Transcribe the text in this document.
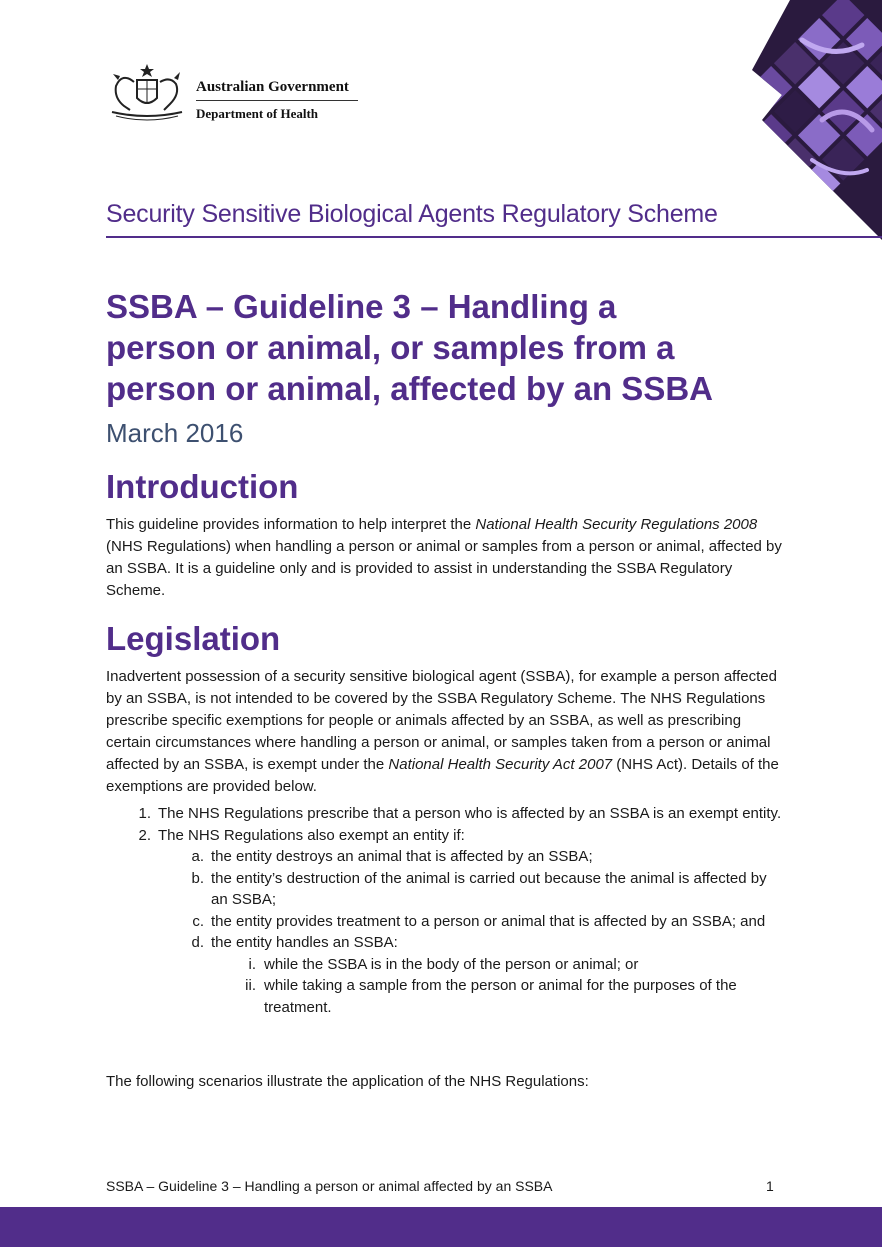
Australian Government
Department of Health
Security Sensitive Biological Agents Regulatory Scheme
SSBA – Guideline 3 – Handling a
person or animal, or samples from a
person or animal, affected by an SSBA
March 2016
Introduction

This guideline provides information to help interpret the National Health Security Regulations 2008 (NHS Regulations) when handling a person or animal or samples from a person or animal, affected by an SSBA. It is a guideline only and is provided to assist in understanding the SSBA Regulatory Scheme.

Legislation

Inadvertent possession of a security sensitive biological agent (SSBA), for example a person affected by an SSBA, is not intended to be covered by the SSBA Regulatory Scheme. The NHS Regulations prescribe specific exemptions for people or animals affected by an SSBA, as well as prescribing certain circumstances where handling a person or animal, or samples taken from a person or animal affected by an SSBA, is exempt under the National Health Security Act 2007 (NHS Act). Details of the exemptions are provided below.

1. The NHS Regulations prescribe that a person who is affected by an SSBA is an exempt entity.
2. The NHS Regulations also exempt an entity if:
a. the entity destroys an animal that is affected by an SSBA;
b. the entity’s destruction of the animal is carried out because the animal is affected by an SSBA;
c. the entity provides treatment to a person or animal that is affected by an SSBA; and
d. the entity handles an SSBA:
i. while the SSBA is in the body of the person or animal; or
ii. while taking a sample from the person or animal for the purposes of the treatment.

The following scenarios illustrate the application of the NHS Regulations:

SSBA – Guideline 3 – Handling a person or animal affected by an SSBA	1
